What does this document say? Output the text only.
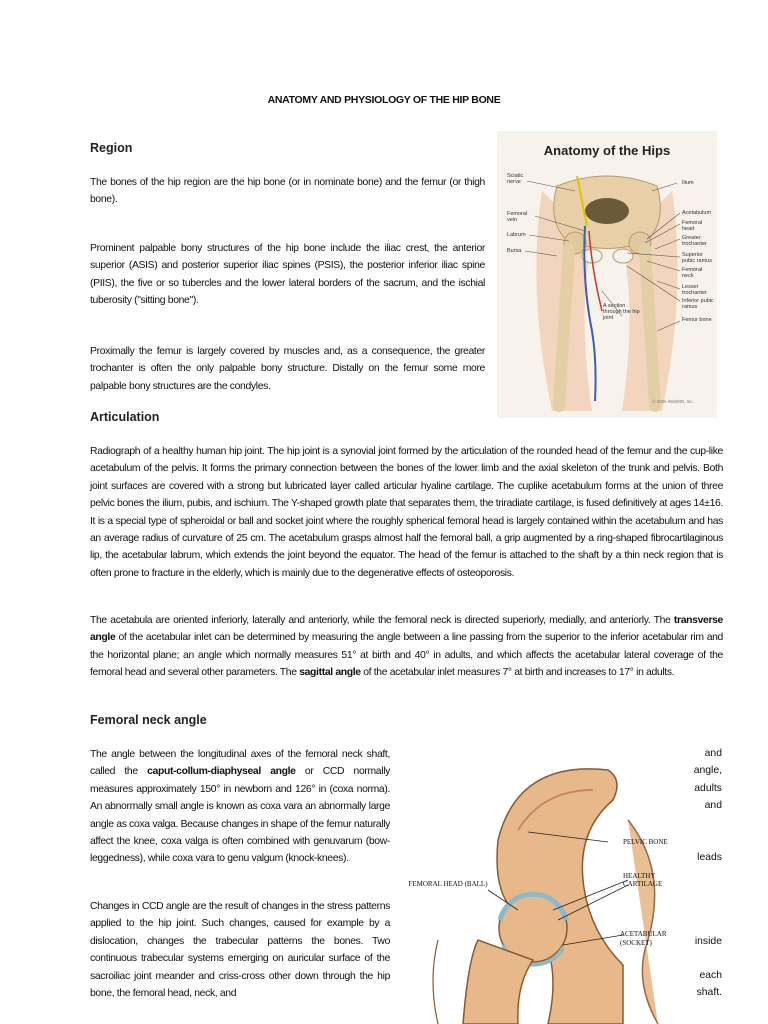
ANATOMY AND PHYSIOLOGY OF THE HIP BONE
Region

The bones of the hip region are the hip bone (or in nominate bone) and the femur (or thigh bone).

Prominent palpable bony structures of the hip bone include the iliac crest, the anterior superior (ASIS) and posterior superior iliac spines (PSIS), the posterior inferior iliac spine (PIIS), the five or so tubercles and the lower lateral borders of the sacrum, and the ischial tuberosity ("sitting bone").

Proximally the femur is largely covered by muscles and, as a consequence, the greater trochanter is often the only palpable bony structure. Distally on the femur some more palpable bony structures are the condyles.

Anatomy of the Hips
Sciatic nerve
Femoral vein
Labrum
Bursa
Ilium
Acetabulum
Femoral head
Greater trochanter
Superior pubic ramus
Femoral neck
Lesser trochanter
Inferior pubic ramus
Femur bone
A section through the hip joint
© 2006 WebMD, Inc.
Articulation

Radiograph of a healthy human hip joint. The hip joint is a synovial joint formed by the articulation of the rounded head of the femur and the cup-like acetabulum of the pelvis. It forms the primary connection between the bones of the lower limb and the axial skeleton of the trunk and pelvis. Both joint surfaces are covered with a strong but lubricated layer called articular hyaline cartilage. The cuplike acetabulum forms at the union of three pelvic bones the ilium, pubis, and ischium. The Y-shaped growth plate that separates them, the triradiate cartilage, is fused definitively at ages 14±16. It is a special type of spheroidal or ball and socket joint where the roughly spherical femoral head is largely contained within the acetabulum and has an average radius of curvature of 25 cm. The acetabulum grasps almost half the femoral ball, a grip augmented by a ring-shaped fibrocartilaginous lip, the acetabular labrum, which extends the joint beyond the equator. The head of the femur is attached to the shaft by a thin neck region that is often prone to fracture in the elderly, which is mainly due to the degenerative effects of osteoporosis.

The acetabula are oriented inferiorly, laterally and anteriorly, while the femoral neck is directed superiorly, medially, and anteriorly. The transverse angle of the acetabular inlet can be determined by measuring the angle between a line passing from the superior to the inferior acetabular rim and the horizontal plane; an angle which normally measures 51° at birth and 40° in adults, and which affects the acetabular lateral coverage of the femoral head and several other parameters. The sagittal angle of the acetabular inlet measures 7° at birth and increases to 17° in adults.

Femoral neck angle

The angle between the longitudinal axes of the femoral neck shaft, called the caput-collum-diaphyseal angle or CCD normally measures approximately 150° in newborn and 126° in (coxa norma). An abnormally small angle is known as coxa vara an abnormally large angle as coxa valga. Because changes in shape of the femur naturally affect the knee, coxa valga is often combined with genuvarum (bow-leggedness), while coxa vara to genu valgum (knock-knees).

Changes in CCD angle are the result of changes in the stress patterns applied to the hip joint. Such changes, caused for example by a dislocation, changes the trabecular patterns the bones. Two continuous trabecular systems emerging on auricular surface of the sacroiliac joint meander and criss-cross other down through the hip bone, the femoral head, neck, and

and
angle,
adults
and
leads
inside
each
shaft.
PELVIC BONE
HEALTHY CARTILAGE
FEMORAL HEAD (BALL)
ACETABULAR (SOCKET)
